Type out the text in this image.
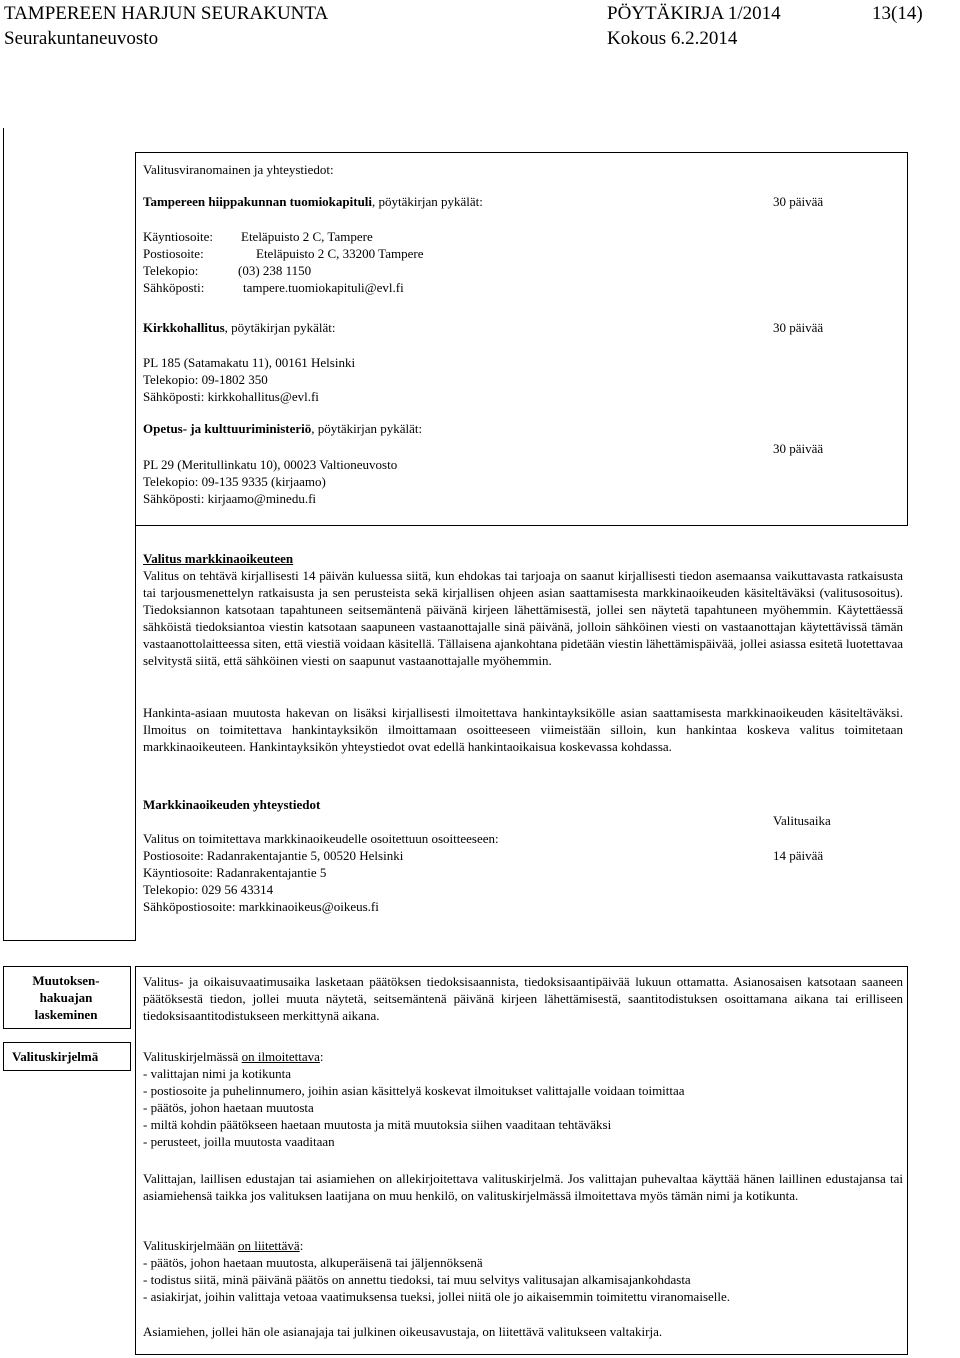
TAMPEREEN HARJUN SEURAKUNTA	PÖYTÄKIRJA 1/2014	13(14)
Seurakuntaneuvosto	Kokous 6.2.2014
Valitusviranomainen ja yhteystiedot:
Tampereen hiippakunnan tuomiokapituli, pöytäkirjan pykälät:	30 päivää
Käyntiosoite: Eteläpuisto 2 C, Tampere
Postiosoite:	Eteläpuisto 2 C, 33200 Tampere
Telekopio:	(03) 238 1150
Sähköposti:	tampere.tuomiokapituli@evl.fi
Kirkkohallitus, pöytäkirjan pykälät:	30 päivää
PL 185 (Satamakatu 11), 00161 Helsinki
Telekopio: 09-1802 350
Sähköposti: kirkkohallitus@evl.fi
Opetus- ja kulttuuriministeriö, pöytäkirjan pykälät:
30 päivää
PL 29 (Meritullinkatu 10), 00023 Valtioneuvosto
Telekopio: 09-135 9335 (kirjaamo)
Sähköposti: kirjaamo@minedu.fi
Valitus markkinaoikeuteen
Valitus on tehtävä kirjallisesti 14 päivän kuluessa siitä, kun ehdokas tai tarjoaja on saanut kirjallisesti tiedon asemaansa vaikuttavasta ratkaisusta tai tarjousmenettelyn ratkaisusta ja sen perusteista sekä kirjallisen ohjeen asian saattamisesta markkinaoikeuden käsiteltäväksi (valitusosoitus). Tiedoksiannon katsotaan tapahtuneen seitsemäntenä päivänä kirjeen lähettämisestä, jollei sen näytetä tapahtuneen myöhemmin. Käytettäessä sähköistä tiedoksiantoa viestin katsotaan saapuneen vastaanottajalle sinä päivänä, jolloin sähköinen viesti on vastaanottajan käytettävissä tämän vastaanottolaitteessa siten, että viestiä voidaan käsitellä. Tällaisena ajankohtana pidetään viestin lähettämispäivää, jollei asiassa esitetä luotettavaa selvitystä siitä, että sähköinen viesti on saapunut vastaanottajalle myöhemmin.
Hankinta-asiaan muutosta hakevan on lisäksi kirjallisesti ilmoitettava hankintayksikölle asian saattamisesta markkinaoikeuden käsiteltäväksi. Ilmoitus on toimitettava hankintayksikön ilmoittamaan osoitteeseen viimeistään silloin, kun hankintaa koskeva valitus toimitetaan markkinaoikeuteen. Hankintayksikön yhteystiedot ovat edellä hankintaoikaisua koskevassa kohdassa.
Markkinaoikeuden yhteystiedot
Valitus on toimitettava markkinaoikeudelle osoitettuun osoitteeseen:
Postiosoite: Radanrakentajantie 5, 00520 Helsinki
Käyntiosoite: Radanrakentajantie 5
Telekopio: 029 56 43314
Sähköpostiosoite: markkinaoikeus@oikeus.fi
Valitusaika
14 päivää
Muutoksen-hakuajan laskeminen
Valituskirjelmä
Valitus- ja oikaisuvaatimusaika lasketaan päätöksen tiedoksisaannista, tiedoksisaantipäivää lukuun ottamatta. Asianosaisen katsotaan saaneen päätöksestä tiedon, jollei muuta näytetä, seitsemäntenä päivänä kirjeen lähettämisestä, saantitodistuksen osoittamana aikana tai erilliseen tiedoksisaantitodistukseen merkittynä aikana.
Valituskirjelmässä on ilmoitettava:
- valittajan nimi ja kotikunta
- postiosoite ja puhelinnumero, joihin asian käsittelyä koskevat ilmoitukset valittajalle voidaan toimittaa
- päätös, johon haetaan muutosta
- miltä kohdin päätökseen haetaan muutosta ja mitä muutoksia siihen vaaditaan tehtäväksi
- perusteet, joilla muutosta vaaditaan
Valittajan, laillisen edustajan tai asiamiehen on allekirjoitettava valituskirjelmä. Jos valittajan puhevaltaa käyttää hänen laillinen edustajansa tai asiamiehensä taikka jos valituksen laatijana on muu henkilö, on valituskirjelmässä ilmoitettava myös tämän nimi ja kotikunta.
Valituskirjelmään on liitettävä:
- päätös, johon haetaan muutosta, alkuperäisenä tai jäljennöksenä
- todistus siitä, minä päivänä päätös on annettu tiedoksi, tai muu selvitys valitusajan alkamisajankohdasta
- asiakirjat, joihin valittaja vetoaa vaatimuksensa tueksi, jollei niitä ole jo aikaisemmin toimitettu viranomaiselle.
Asiamiehen, jollei hän ole asianajaja tai julkinen oikeusavustaja, on liitettävä valitukseen valtakirja.
